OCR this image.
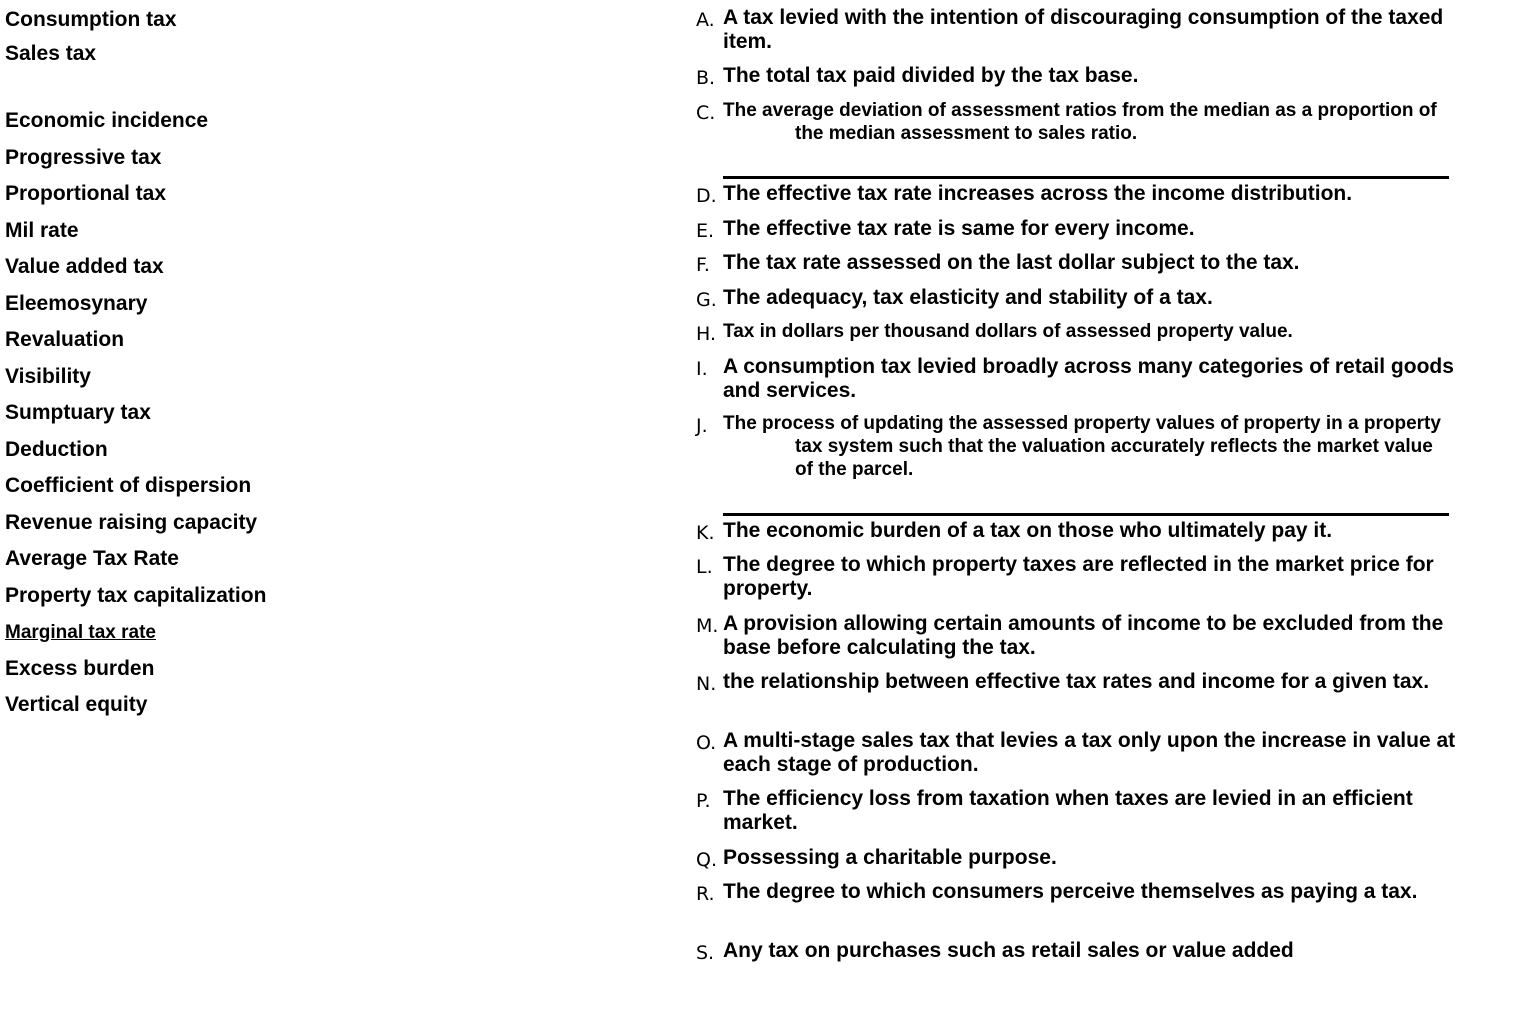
Consumption tax
Sales tax
Economic incidence
Progressive tax
Proportional tax
Mil rate
Value added tax
Eleemosynary
Revaluation
Visibility
Sumptuary tax
Deduction
Coefficient of dispersion
Revenue raising capacity
Average Tax Rate
Property tax capitalization
Marginal tax rate
Excess burden
Vertical equity
A. A tax levied with the intention of discouraging consumption of the taxed item.
B. The total tax paid divided by the tax base.
C. The average deviation of assessment ratios from the median as a proportion of the median assessment to sales ratio.
D. The effective tax rate increases across the income distribution.
E. The effective tax rate is same for every income.
F. The tax rate assessed on the last dollar subject to the tax.
G. The adequacy, tax elasticity and stability of a tax.
H. Tax in dollars per thousand dollars of assessed property value.
I. A consumption tax levied broadly across many categories of retail goods and services.
J. The process of updating the assessed property values of property in a property tax system such that the valuation accurately reflects the market value of the parcel.
K. The economic burden of a tax on those who ultimately pay it.
L. The degree to which property taxes are reflected in the market price for property.
M. A provision allowing certain amounts of income to be excluded from the base before calculating the tax.
N. the relationship between effective tax rates and income for a given tax.
O. A multi-stage sales tax that levies a tax only upon the increase in value at each stage of production.
P. The efficiency loss from taxation when taxes are levied in an efficient market.
Q. Possessing a charitable purpose.
R. The degree to which consumers perceive themselves as paying a tax.
S. Any tax on purchases such as retail sales or value added
